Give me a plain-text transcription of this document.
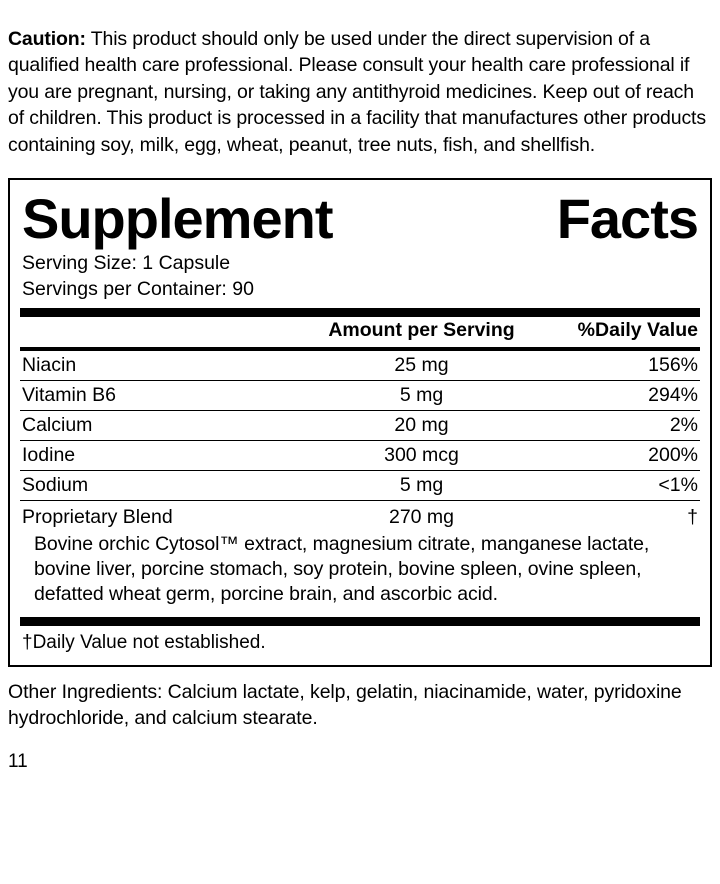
Caution: This product should only be used under the direct supervision of a qualified health care professional. Please consult your health care professional if you are pregnant, nursing, or taking any antithyroid medicines. Keep out of reach of children. This product is processed in a facility that manufactures other products containing soy, milk, egg, wheat, peanut, tree nuts, fish, and shellfish.

Supplement	Facts
Serving Size: 1 Capsule
Servings per Container: 90
	Amount per Serving	%Daily Value
Niacin	25 mg	156%
Vitamin B6	5 mg	294%
Calcium	20 mg	2%
Iodine	300 mcg	200%
Sodium	5 mg	<1%
Proprietary Blend	270 mg	†
Bovine orchic Cytosol™ extract, magnesium citrate, manganese lactate, bovine liver, porcine stomach, soy protein, bovine spleen, ovine spleen, defatted wheat germ, porcine brain, and ascorbic acid.
†Daily Value not established.
Other Ingredients: Calcium lactate, kelp, gelatin, niacinamide, water, pyridoxine hydrochloride, and calcium stearate.
11
